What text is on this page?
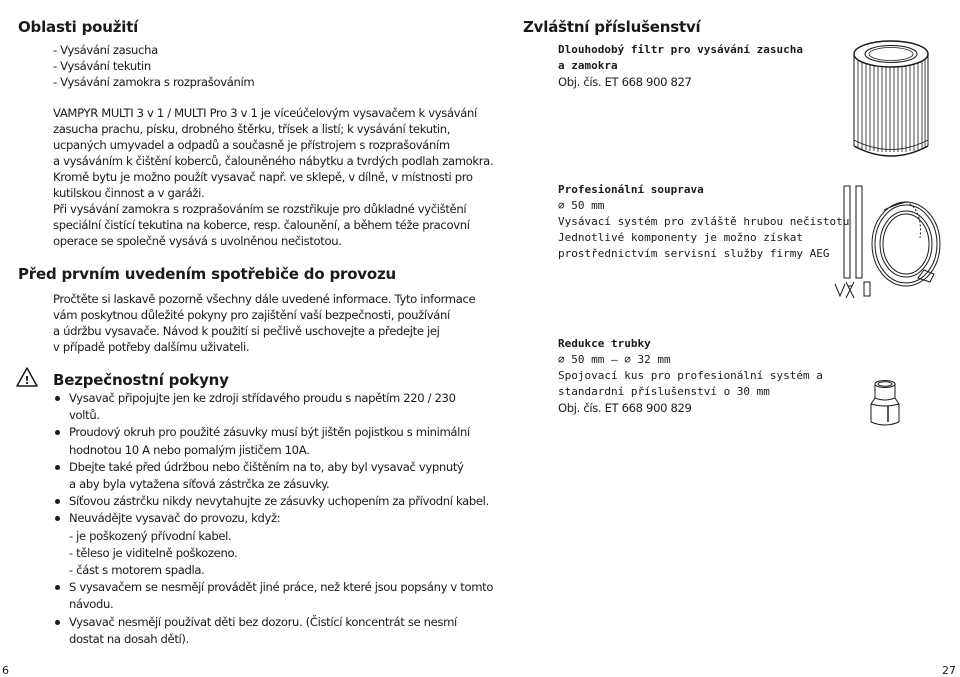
Oblasti použití
- Vysávání zasucha
- Vysávání tekutin
- Vysávání zamokra s rozprašováním
VAMPYR MULTI 3 v 1 / MULTI Pro 3 v 1 je víceúčelovým vysavačem k vysávání
zasucha prachu, písku, drobného štěrku, třísek a listí; k vysávání tekutin,
ucpaných umyvadel a odpadů a současně je přístrojem s rozprašováním
a vysáváním k čištění koberců, čalouněného nábytku a tvrdých podlah zamokra.
Kromě bytu je možno použít vysavač např. ve sklepě, v dílně, v místnosti pro
kutilskou činnost a v garáži.
Při vysávání zamokra s rozprašováním se rozstřikuje pro důkladné vyčištění
speciální čistící tekutina na koberce, resp. čalounění, a během téže pracovní
operace se společně vysává s uvolněnou nečistotou.
Před prvním uvedením spotřebiče do provozu
Pročtěte si laskavě pozorně všechny dále uvedené informace. Tyto informace
vám poskytnou důležité pokyny pro zajištění vaší bezpečnosti, používání
a údržbu vysavače. Návod k použití si pečlivě uschovejte a předejte jej
v případě potřeby dalšímu uživateli.
! Bezpečnostní pokyny
Vysavač připojujte jen ke zdroji střídavého proudu s napětím 220 / 230
voltů.
Proudový okruh pro použité zásuvky musí být jištěn pojistkou s minimální
hodnotou 10 A nebo pomalým jističem 10A.
Dbejte také před údržbou nebo čištěním na to, aby byl vysavač vypnutý
a aby byla vytažena síťová zástrčka ze zásuvky.
Síťovou zástrčku nikdy nevytahujte ze zásuvky uchopením za přívodní kabel.
Neuvádějte vysavač do provozu, když:
- je poškozený přívodní kabel.
- těleso je viditelně poškozeno.
- část s motorem spadla.
S vysavačem se nesmějí provádět jiné práce, než které jsou popsány v tomto
návodu.
Vysavač nesmějí používat děti bez dozoru. (Čistící koncentrát se nesmí
dostat na dosah dětí).
6
Zvláštní příslušenství
Dlouhodobý filtr pro vysávání zasucha
a zamokra
Obj. čís. ET 668 900 827
Profesionální souprava
∅ 50 mm
Vysávací systém pro zvláště hrubou nečistotu
Jednotlivé komponenty je možno získat
prostřednictvím servisní služby firmy AEG
Redukce trubky
∅ 50 mm – ∅ 32 mm
Spojovací kus pro profesionální systém a
standardní příslušenství o 30 mm
Obj. čís. ET 668 900 829
27
